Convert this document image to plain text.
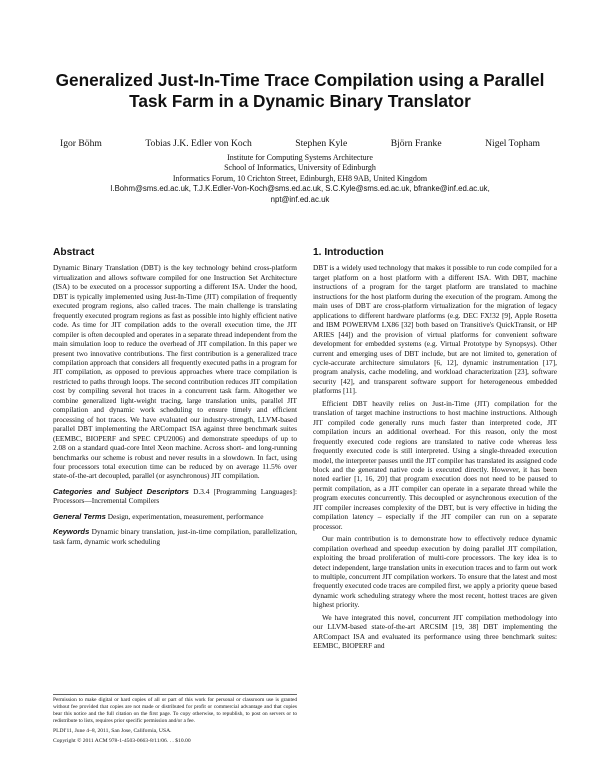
Generalized Just-In-Time Trace Compilation using a Parallel Task Farm in a Dynamic Binary Translator
Igor Böhm	Tobias J.K. Edler von Koch	Stephen Kyle	Björn Franke	Nigel Topham
Institute for Computing Systems Architecture
School of Informatics, University of Edinburgh
Informatics Forum, 10 Crichton Street, Edinburgh, EH8 9AB, United Kingdom
I.Bohm@sms.ed.ac.uk, T.J.K.Edler-Von-Koch@sms.ed.ac.uk, S.C.Kyle@sms.ed.ac.uk, bfranke@inf.ed.ac.uk,
npt@inf.ed.ac.uk
Abstract

Dynamic Binary Translation (DBT) is the key technology behind cross-platform virtualization and allows software compiled for one Instruction Set Architecture (ISA) to be executed on a processor supporting a different ISA. Under the hood, DBT is typically implemented using Just-In-Time (JIT) compilation of frequently executed program regions, also called traces. The main challenge is translating frequently executed program regions as fast as possible into highly efficient native code. As time for JIT compilation adds to the overall execution time, the JIT compiler is often decoupled and operates in a separate thread independent from the main simulation loop to reduce the overhead of JIT compilation. In this paper we present two innovative contributions. The first contribution is a generalized trace compilation approach that considers all frequently executed paths in a program for JIT compilation, as opposed to previous approaches where trace compilation is restricted to paths through loops. The second contribution reduces JIT compilation cost by compiling several hot traces in a concurrent task farm. Altogether we combine generalized light-weight tracing, large translation units, parallel JIT compilation and dynamic work scheduling to ensure timely and efficient processing of hot traces. We have evaluated our industry-strength, LLVM-based parallel DBT implementing the ARCompact ISA against three benchmark suites (EEMBC, BIOPERF and SPEC CPU2006) and demonstrate speedups of up to 2.08 on a standard quad-core Intel Xeon machine. Across short- and long-running benchmarks our scheme is robust and never results in a slowdown. In fact, using four processors total execution time can be reduced by on average 11.5% over state-of-the-art decoupled, parallel (or asynchronous) JIT compilation.

Categories and Subject Descriptors D.3.4 [Programming Languages]: Processors—Incremental Compilers

General Terms Design, experimentation, measurement, performance

Keywords Dynamic binary translation, just-in-time compilation, parallelization, task farm, dynamic work scheduling

Permission to make digital or hard copies of all or part of this work for personal or classroom use is granted without fee provided that copies are not made or distributed for profit or commercial advantage and that copies bear this notice and the full citation on the first page. To copy otherwise, to republish, to post on servers or to redistribute to lists, requires prior specific permission and/or a fee.
PLDI'11, June 4–8, 2011, San Jose, California, USA.
Copyright © 2011 ACM 978-1-4503-0663-8/11/06. . . $10.00
1. Introduction

DBT is a widely used technology that makes it possible to run code compiled for a target platform on a host platform with a different ISA. With DBT, machine instructions of a program for the target platform are translated to machine instructions for the host platform during the execution of the program. Among the main uses of DBT are cross-platform virtualization for the migration of legacy applications to different hardware platforms (e.g. DEC FX!32 [9], Apple Rosetta and IBM POWERVM LX86 [32] both based on Transitive's QuickTransit, or HP ARIES [44]) and the provision of virtual platforms for convenient software development for embedded systems (e.g. Virtual Prototype by Synopsys). Other current and emerging uses of DBT include, but are not limited to, generation of cycle-accurate architecture simulators [6, 12], dynamic instrumentation [17], program analysis, cache modeling, and workload characterization [23], software security [42], and transparent software support for heterogeneous embedded platforms [11].

Efficient DBT heavily relies on Just-in-Time (JIT) compilation for the translation of target machine instructions to host machine instructions. Although JIT compiled code generally runs much faster than interpreted code, JIT compilation incurs an additional overhead. For this reason, only the most frequently executed code regions are translated to native code whereas less frequently executed code is still interpreted. Using a single-threaded execution model, the interpreter pauses until the JIT compiler has translated its assigned code block and the generated native code is executed directly. However, it has been noted earlier [1, 16, 20] that program execution does not need to be paused to permit compilation, as a JIT compiler can operate in a separate thread while the program executes concurrently. This decoupled or asynchronous execution of the JIT compiler increases complexity of the DBT, but is very effective in hiding the compilation latency – especially if the JIT compiler can run on a separate processor.

Our main contribution is to demonstrate how to effectively reduce dynamic compilation overhead and speedup execution by doing parallel JIT compilation, exploiting the broad proliferation of multi-core processors. The key idea is to detect independent, large translation units in execution traces and to farm out work to multiple, concurrent JIT compilation workers. To ensure that the latest and most frequently executed code traces are compiled first, we apply a priority queue based dynamic work scheduling strategy where the most recent, hottest traces are given highest priority.

We have integrated this novel, concurrent JIT compilation methodology into our LLVM-based state-of-the-art ARCSIM [19, 38] DBT implementing the ARCompact ISA and evaluated its performance using three benchmark suites: EEMBC, BIOPERF and
